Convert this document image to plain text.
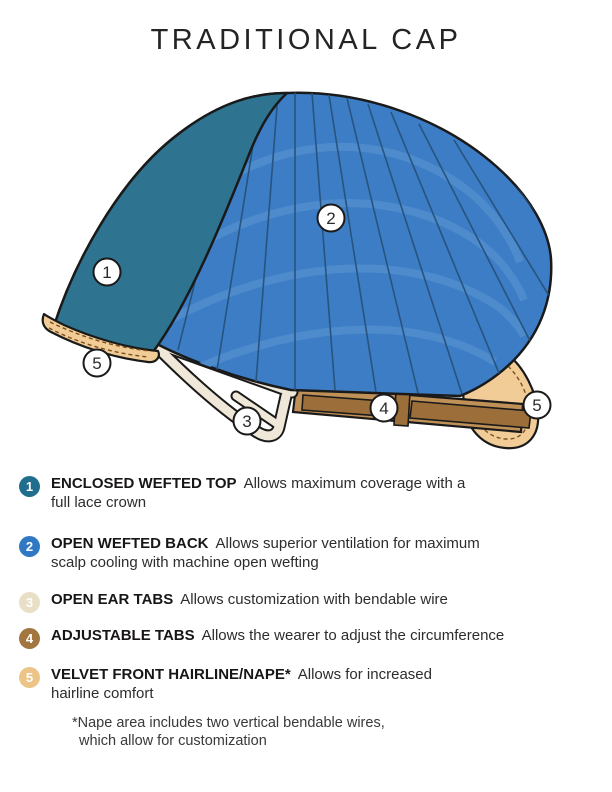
TRADITIONAL CAP
1
2
3
4
5
5
1	ENCLOSED WEFTED TOP Allows maximum coverage with a
full lace crown
2	OPEN WEFTED BACK Allows superior ventilation for maximum
scalp cooling with machine open wefting
3	OPEN EAR TABS Allows customization with bendable wire
4	ADJUSTABLE TABS Allows the wearer to adjust the circumference
5	VELVET FRONT HAIRLINE/NAPE* Allows for increased
hairline comfort
*Nape area includes two vertical bendable wires,
which allow for customization
